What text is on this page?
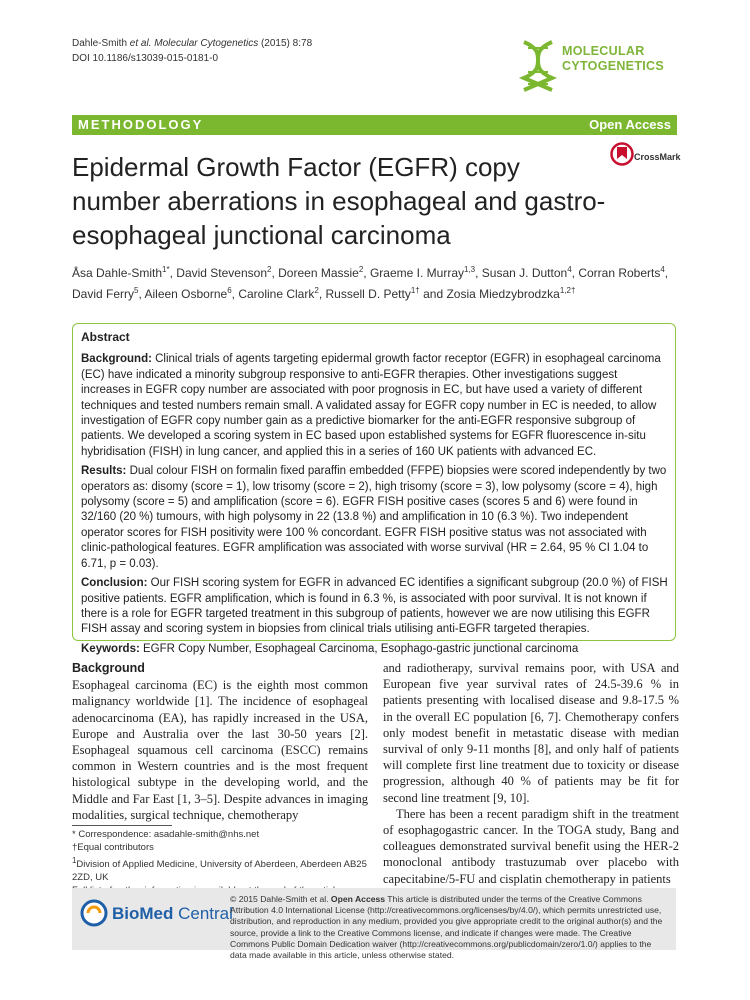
Dahle-Smith et al. Molecular Cytogenetics (2015) 8:78
DOI 10.1186/s13039-015-0181-0
MOLECULAR
CYTOGENETICS
METHODOLOGY	Open Access
Epidermal Growth Factor (EGFR) copy number aberrations in esophageal and gastro-esophageal junctional carcinoma
CrossMark
Åsa Dahle-Smith$^{1*}$, David Stevenson$^2$, Doreen Massie$^2$, Graeme I. Murray$^{1,3}$, Susan J. Dutton$^4$, Corran Roberts$^4$, David Ferry$^5$, Aileen Osborne$^6$, Caroline Clark$^2$, Russell D. Petty$^{1\dagger}$ and Zosia Miedzybrodzka$^{1,2\dagger}$
Abstract

Background: Clinical trials of agents targeting epidermal growth factor receptor (EGFR) in esophageal carcinoma (EC) have indicated a minority subgroup responsive to anti-EGFR therapies. Other investigations suggest increases in EGFR copy number are associated with poor prognosis in EC, but have used a variety of different techniques and tested numbers remain small. A validated assay for EGFR copy number in EC is needed, to allow investigation of EGFR copy number gain as a predictive biomarker for the anti-EGFR responsive subgroup of patients. We developed a scoring system in EC based upon established systems for EGFR fluorescence in-situ hybridisation (FISH) in lung cancer, and applied this in a series of 160 UK patients with advanced EC.

Results: Dual colour FISH on formalin fixed paraffin embedded (FFPE) biopsies were scored independently by two operators as: disomy (score = 1), low trisomy (score = 2), high trisomy (score = 3), low polysomy (score = 4), high polysomy (score = 5) and amplification (score = 6). EGFR FISH positive cases (scores 5 and 6) were found in 32/160 (20 %) tumours, with high polysomy in 22 (13.8 %) and amplification in 10 (6.3 %). Two independent operator scores for FISH positivity were 100 % concordant. EGFR FISH positive status was not associated with clinic-pathological features. EGFR amplification was associated with worse survival (HR = 2.64, 95 % CI 1.04 to 6.71, p = 0.03).

Conclusion: Our FISH scoring system for EGFR in advanced EC identifies a significant subgroup (20.0 %) of FISH positive patients. EGFR amplification, which is found in 6.3 %, is associated with poor survival. It is not known if there is a role for EGFR targeted treatment in this subgroup of patients, however we are now utilising this EGFR FISH assay and scoring system in biopsies from clinical trials utilising anti-EGFR targeted therapies.

Keywords: EGFR Copy Number, Esophageal Carcinoma, Esophago-gastric junctional carcinoma

Background

Esophageal carcinoma (EC) is the eighth most common malignancy worldwide [1]. The incidence of esophageal adenocarcinoma (EA), has rapidly increased in the USA, Europe and Australia over the last 30-50 years [2]. Esophageal squamous cell carcinoma (ESCC) remains common in Western countries and is the most frequent histological subtype in the developing world, and the Middle and Far East [1, 3–5]. Despite advances in imaging modalities, surgical technique, chemotherapy

and radiotherapy, survival remains poor, with USA and European five year survival rates of 24.5-39.6 % in patients presenting with localised disease and 9.8-17.5 % in the overall EC population [6, 7]. Chemotherapy confers only modest benefit in metastatic disease with median survival of only 9-11 months [8], and only half of patients will complete first line treatment due to toxicity or disease progression, although 40 % of patients may be fit for second line treatment [9, 10].

There has been a recent paradigm shift in the treatment of esophagogastric cancer. In the TOGA study, Bang and colleagues demonstrated survival benefit using the HER-2 monoclonal antibody trastuzumab over placebo with capecitabine/5-FU and cisplatin chemotherapy in patients

* Correspondence: asadahle-smith@nhs.net
†Equal contributors
$^1$Division of Applied Medicine, University of Aberdeen, Aberdeen AB25 2ZD, UK
BioMed Central
© 2015 Dahle-Smith et al. Open Access This article is distributed under the terms of the Creative Commons Attribution 4.0 International License (http://creativecommons.org/licenses/by/4.0/), which permits unrestricted use, distribution, and reproduction in any medium, provided you give appropriate credit to the original author(s) and the source, provide a link to the Creative Commons license, and indicate if changes were made. The Creative Commons Public Domain Dedication waiver (http://creativecommons.org/publicdomain/zero/1.0/) applies to the data made available in this article, unless otherwise stated.
